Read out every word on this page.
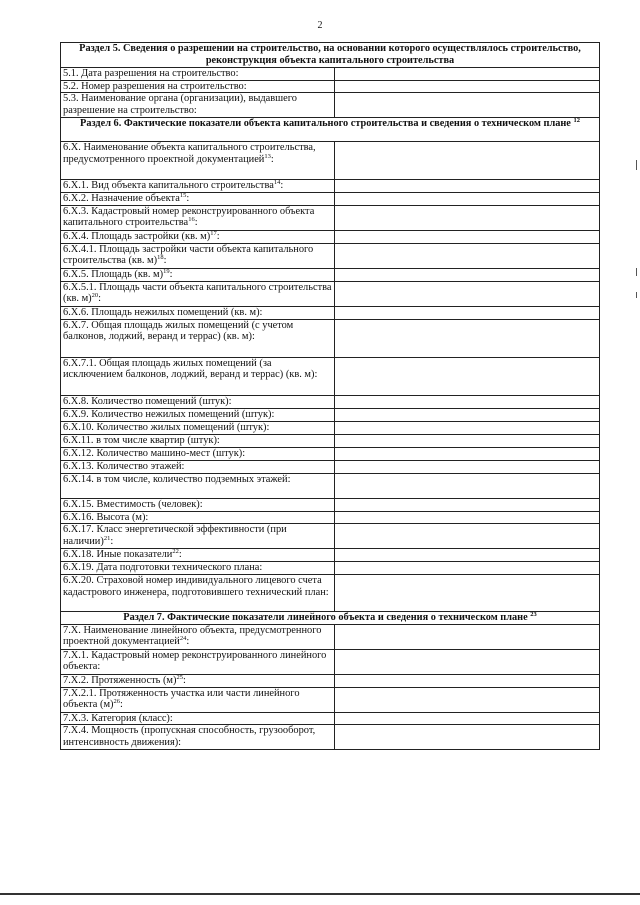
2
Раздел 5. Сведения о разрешении на строительство, на основании которого осуществлялось строительство, реконструкция объекта капитального строительства	
5.1. Дата разрешения на строительство:	
5.2. Номер разрешения на строительство:	
5.3. Наименование органа (организации), выдавшего разрешение на строительство:	
Раздел 6. Фактические показатели объекта капитального строительства и сведения о техническом плане $^{12}$
6.Х. Наименование объекта капитального строительства, предусмотренного проектной документацией$^{13}$:	
6.Х.1. Вид объекта капитального строительства$^{14}$:	
6.Х.2. Назначение объекта$^{15}$:	
6.Х.3. Кадастровый номер реконструированного объекта капитального строительства$^{16}$:	
6.Х.4. Площадь застройки (кв. м)$^{17}$:	
6.Х.4.1. Площадь застройки части объекта капитального строительства (кв. м)$^{18}$:	
6.Х.5. Площадь (кв. м)$^{19}$:	
6.Х.5.1. Площадь части объекта капитального строительства (кв. м)$^{20}$:	
6.Х.6. Площадь нежилых помещений (кв. м):	
6.Х.7. Общая площадь жилых помещений (с учетом балконов, лоджий, веранд и террас) (кв. м):	
6.Х.7.1. Общая площадь жилых помещений (за исключением балконов, лоджий, веранд и террас) (кв. м):	
6.Х.8. Количество помещений (штук):	
6.Х.9. Количество нежилых помещений (штук):	
6.Х.10. Количество жилых помещений (штук):	
6.Х.11. в том числе квартир (штук):	
6.Х.12. Количество машино-мест (штук):	
6.Х.13. Количество этажей:	
6.Х.14. в том числе, количество подземных этажей:	
6.Х.15. Вместимость (человек):	
6.Х.16. Высота (м):	
6.Х.17. Класс энергетической эффективности (при наличии)$^{21}$:	
6.Х.18. Иные показатели$^{22}$:	
6.Х.19. Дата подготовки технического плана:	
6.Х.20. Страховой номер индивидуального лицевого счета кадастрового инженера, подготовившего технический план:	
Раздел 7. Фактические показатели линейного объекта и сведения о техническом плане $^{23}$
7.Х. Наименование линейного объекта, предусмотренного проектной документацией$^{24}$:	
7.Х.1. Кадастровый номер реконструированного линейного объекта:	
7.Х.2. Протяженность $(м)^{25}$:	
7.Х.2.1. Протяженность участка или части линейного объекта $(м)^{26}$:	
7.Х.3. Категория (класс):	
7.Х.4. Мощность (пропускная способность, грузооборот, интенсивность движения):	
